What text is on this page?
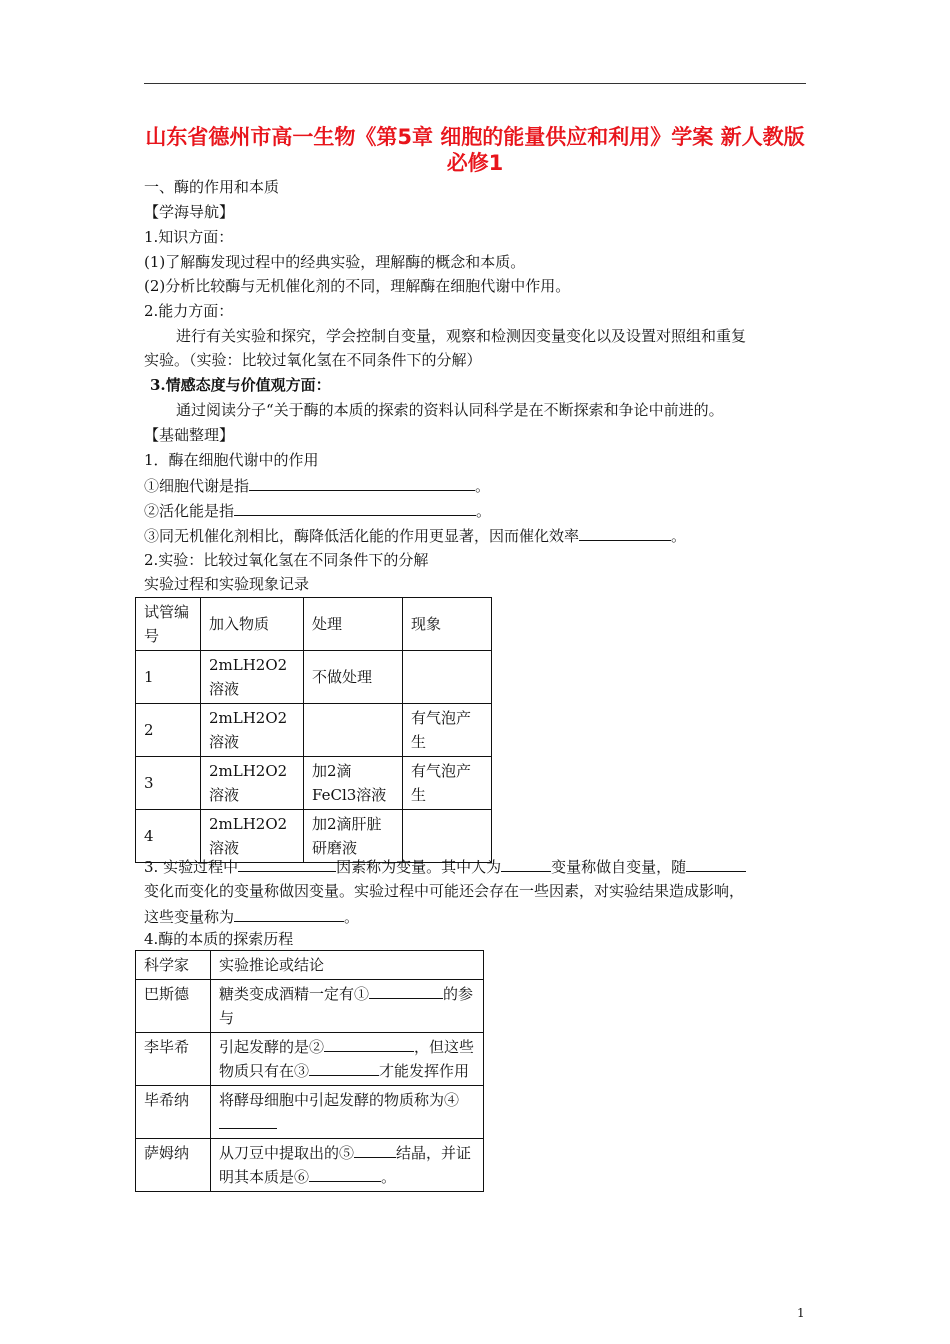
山东省德州市高一生物《第5章 细胞的能量供应和利用》学案 新人教版必修1
一、酶的作用和本质
【学海导航】
1.知识方面：
(1)了解酶发现过程中的经典实验，理解酶的概念和本质。
(2)分析比较酶与无机催化剂的不同，理解酶在细胞代谢中作用。
2.能力方面：
进行有关实验和探究，学会控制自变量，观察和检测因变量变化以及设置对照组和重复
实验。（实验：比较过氧化氢在不同条件下的分解）
3.情感态度与价值观方面：
通过阅读分子“关于酶的本质的探索的资料认同科学是在不断探索和争论中前进的。
【基础整理】
1．酶在细胞代谢中的作用
①细胞代谢是指	。
②活化能是指	。
③同无机催化剂相比，酶降低活化能的作用更显著，因而催化效率	。
2.实验：比较过氧化氢在不同条件下的分解
实验过程和实验现象记录
试管编号	加入物质	处理	现象
1	2mLH2O2溶液	不做处理	
2	2mLH2O2溶液		有气泡产生
3	2mLH2O2溶液	加2滴FeCl3溶液	有气泡产生
4	2mLH2O2溶液	加2滴肝脏研磨液	
3. 实验过程中	因素称为变量。其中人为	变量称做自变量，随
变化而变化的变量称做因变量。实验过程中可能还会存在一些因素，对实验结果造成影响，
这些变量称为	。
4.酶的本质的探索历程
科学家	实验推论或结论
巴斯德	糖类变成酒精一定有① 的参与
李毕希	引起发酵的是② ，但这些物质只有在③ 才能发挥作用
毕希纳	将酵母细胞中引起发酵的物质称为④
萨姆纳	从刀豆中提取出的⑤ 结晶，并证明其本质是⑥ 。
1
